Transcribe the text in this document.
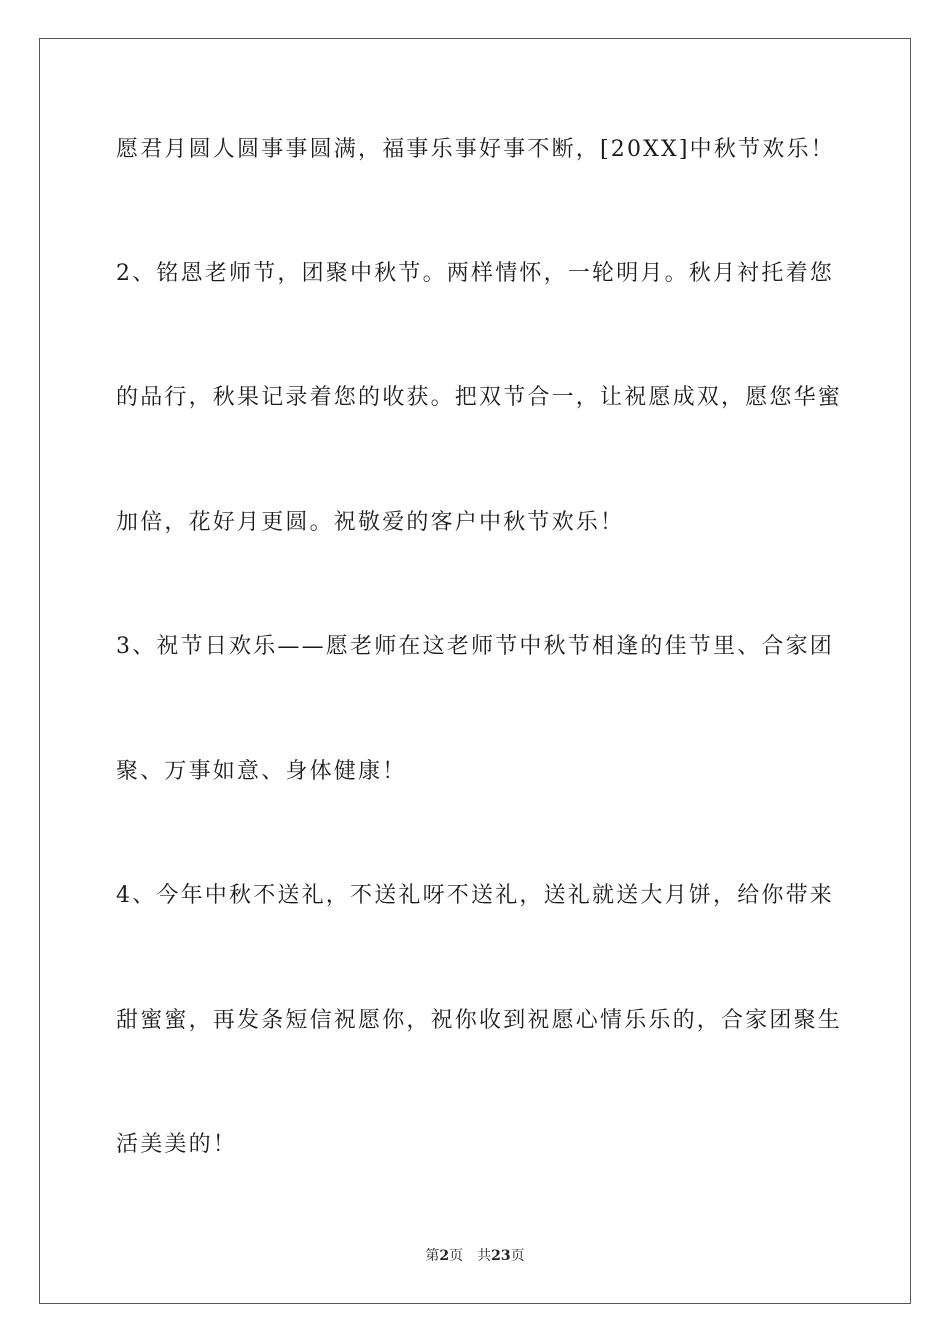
愿君月圆人圆事事圆满，福事乐事好事不断，[20XX]中秋节欢乐！
2、铭恩老师节，团聚中秋节。两样情怀，一轮明月。秋月衬托着您
的品行，秋果记录着您的收获。把双节合一，让祝愿成双，愿您华蜜
加倍，花好月更圆。祝敬爱的客户中秋节欢乐！
3、祝节日欢乐——愿老师在这老师节中秋节相逢的佳节里、合家团
聚、万事如意、身体健康！
4、今年中秋不送礼，不送礼呀不送礼，送礼就送大月饼，给你带来
甜蜜蜜，再发条短信祝愿你，祝你收到祝愿心情乐乐的，合家团聚生
活美美的！
第2页 共23页
